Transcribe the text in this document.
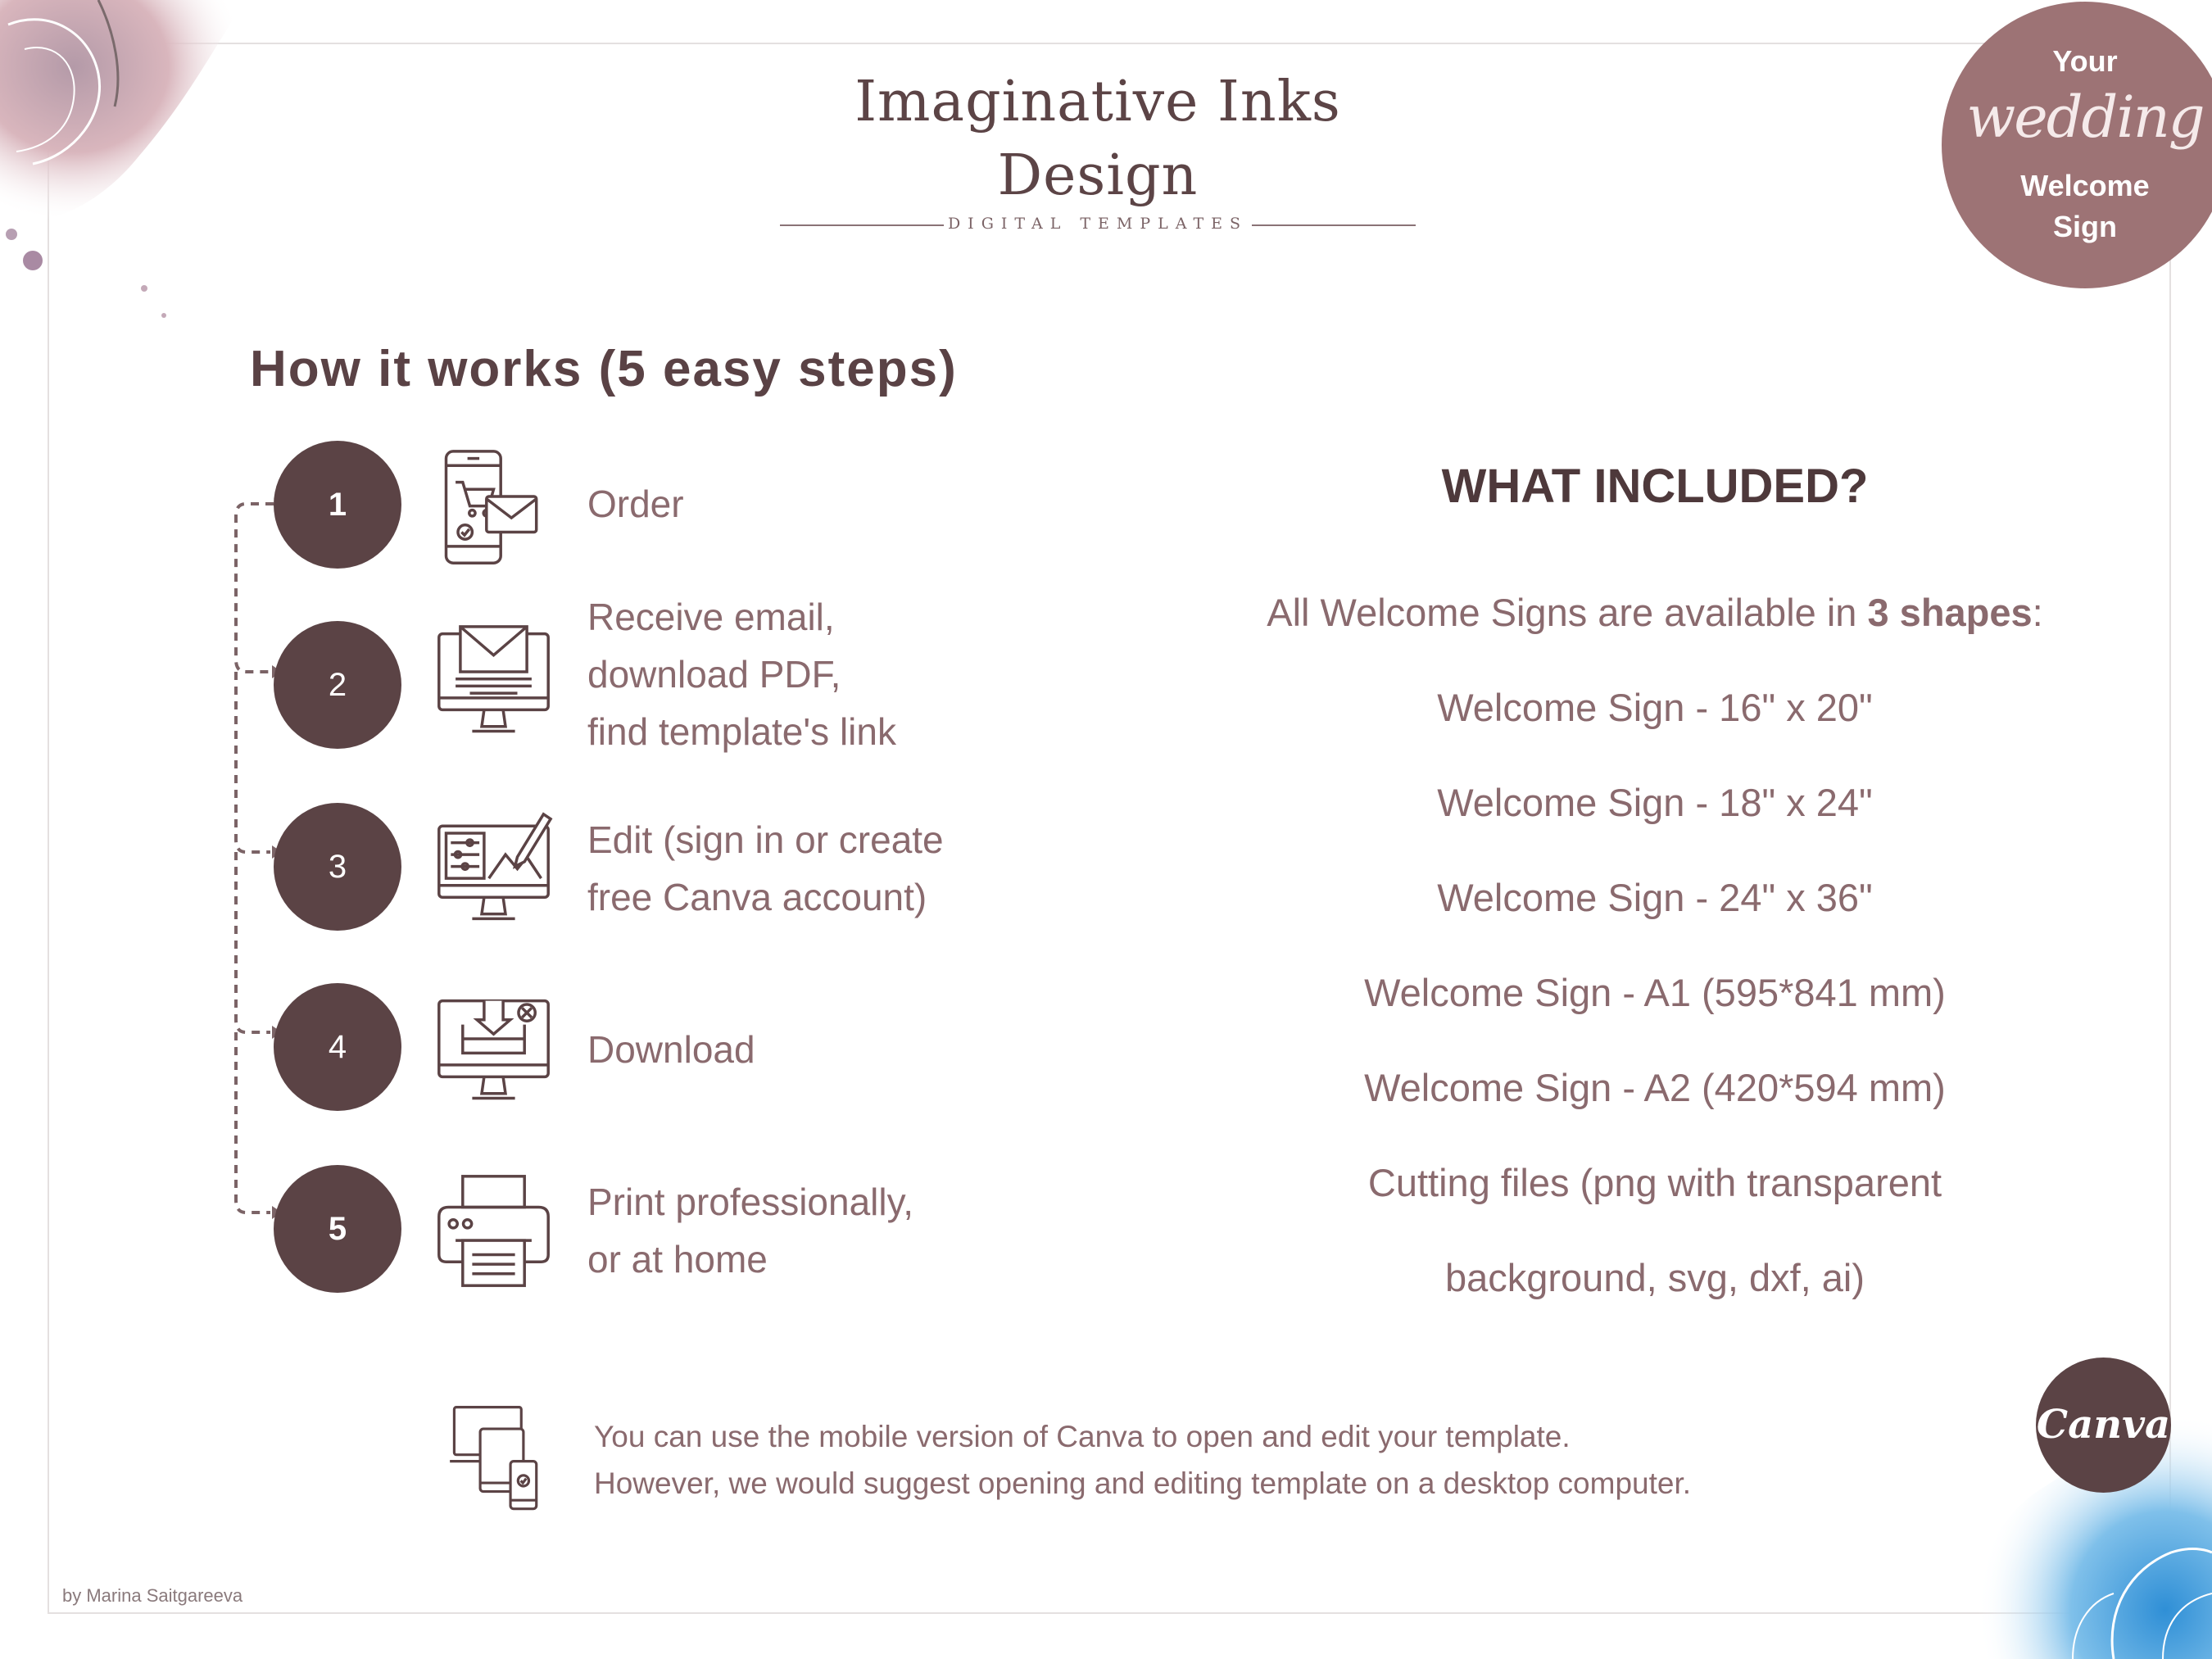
Imaginative Inks Design
DIGITAL TEMPLATES
Your
wedding
Welcome
Sign
How it works (5 easy steps)
1	Order
2
Receive email,
download PDF,
find template's link
3
Edit (sign in or create
free Canva account)
4	Download
5
Print professionally,
or at home
WHAT INCLUDED?
All Welcome Signs are available in 3 shapes:
Welcome Sign - 16" x 20"
Welcome Sign - 18" x 24"
Welcome Sign - 24" x 36"
Welcome Sign - A1 (595*841 mm)
Welcome Sign - A2 (420*594 mm)
Cutting files (png with transparent
background, svg, dxf, ai)
You can use the mobile version of Canva to open and edit your template.
However, we would suggest opening and editing template on a desktop computer.
Canva
by Marina Saitgareeva
